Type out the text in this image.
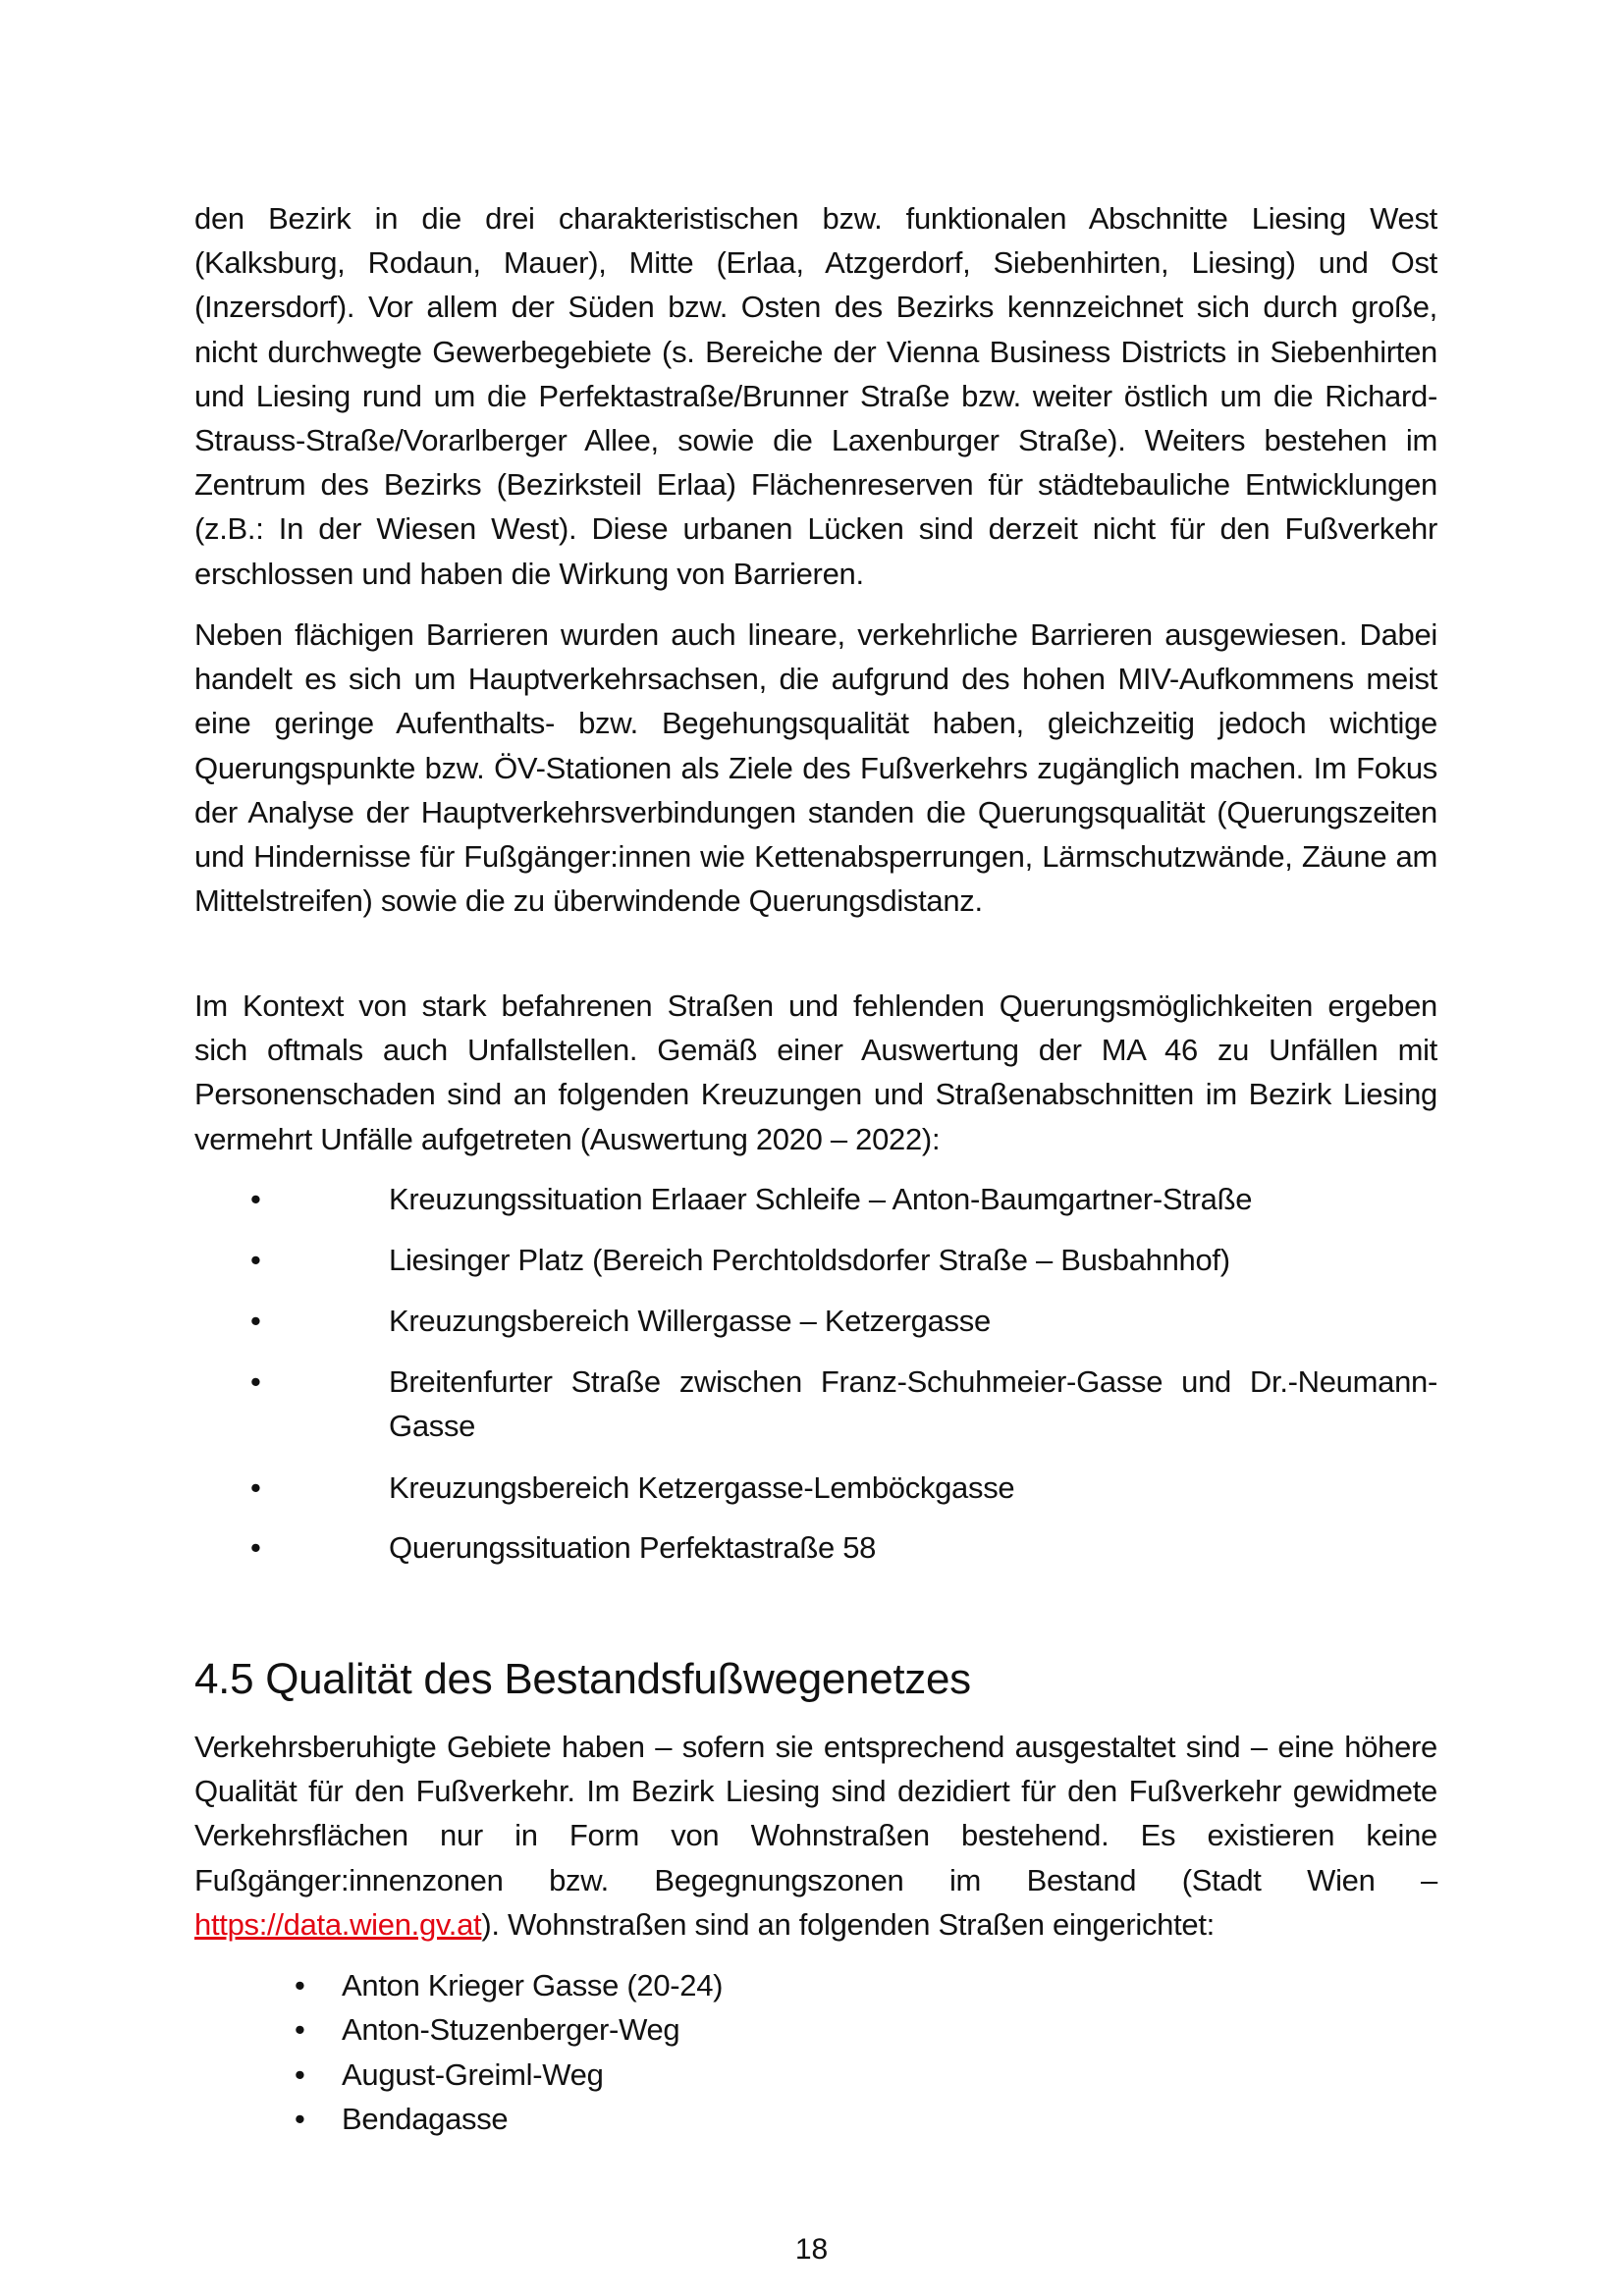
den Bezirk in die drei charakteristischen bzw. funktionalen Abschnitte Liesing West (Kalksburg, Rodaun, Mauer), Mitte (Erlaa, Atzgerdorf, Siebenhirten, Liesing) und Ost (Inzersdorf). Vor allem der Süden bzw. Osten des Bezirks kennzeichnet sich durch große, nicht durchwegte Gewerbegebiete (s. Bereiche der Vienna Business Districts in Siebenhirten und Liesing rund um die Perfektastraße/Brunner Straße bzw. weiter östlich um die Richard-Strauss-Straße/Vorarlberger Allee, sowie die Laxenburger Straße). Weiters bestehen im Zentrum des Bezirks (Bezirksteil Erlaa) Flächenreserven für städtebauliche Entwicklungen (z.B.: In der Wiesen West). Diese urbanen Lücken sind derzeit nicht für den Fußverkehr erschlossen und haben die Wirkung von Barrieren.

Neben flächigen Barrieren wurden auch lineare, verkehrliche Barrieren ausgewiesen. Dabei handelt es sich um Hauptverkehrsachsen, die aufgrund des hohen MIV-Aufkommens meist eine geringe Aufenthalts- bzw. Begehungsqualität haben, gleichzeitig jedoch wichtige Querungspunkte bzw. ÖV-Stationen als Ziele des Fußverkehrs zugänglich machen. Im Fokus der Analyse der Hauptverkehrsverbindungen standen die Querungsqualität (Querungszeiten und Hindernisse für Fußgänger:innen wie Kettenabsperrungen, Lärmschutzwände, Zäune am Mittelstreifen) sowie die zu überwindende Querungsdistanz.

Im Kontext von stark befahrenen Straßen und fehlenden Querungsmöglichkeiten ergeben sich oftmals auch Unfallstellen. Gemäß einer Auswertung der MA 46 zu Unfällen mit Personenschaden sind an folgenden Kreuzungen und Straßenabschnitten im Bezirk Liesing vermehrt Unfälle aufgetreten (Auswertung 2020 – 2022):

•	Kreuzungssituation Erlaaer Schleife – Anton-Baumgartner-Straße
•	Liesinger Platz (Bereich Perchtoldsdorfer Straße – Busbahnhof)
•	Kreuzungsbereich Willergasse – Ketzergasse
•	Breitenfurter Straße zwischen Franz-Schuhmeier-Gasse und Dr.-Neumann-Gasse
•	Kreuzungsbereich Ketzergasse-Lemböckgasse
•	Querungssituation Perfektastraße 58
4.5 Qualität des Bestandsfußwegenetzes

Verkehrsberuhigte Gebiete haben – sofern sie entsprechend ausgestaltet sind – eine höhere Qualität für den Fußverkehr. Im Bezirk Liesing sind dezidiert für den Fußverkehr gewidmete Verkehrsflächen nur in Form von Wohnstraßen bestehend. Es existieren keine Fußgänger:innenzonen bzw. Begegnungszonen im Bestand (Stadt Wien – https://data.wien.gv.at). Wohnstraßen sind an folgenden Straßen eingerichtet:

• Anton Krieger Gasse (20-24)
• Anton-Stuzenberger-Weg
• August-Greiml-Weg
• Bendagasse
18
